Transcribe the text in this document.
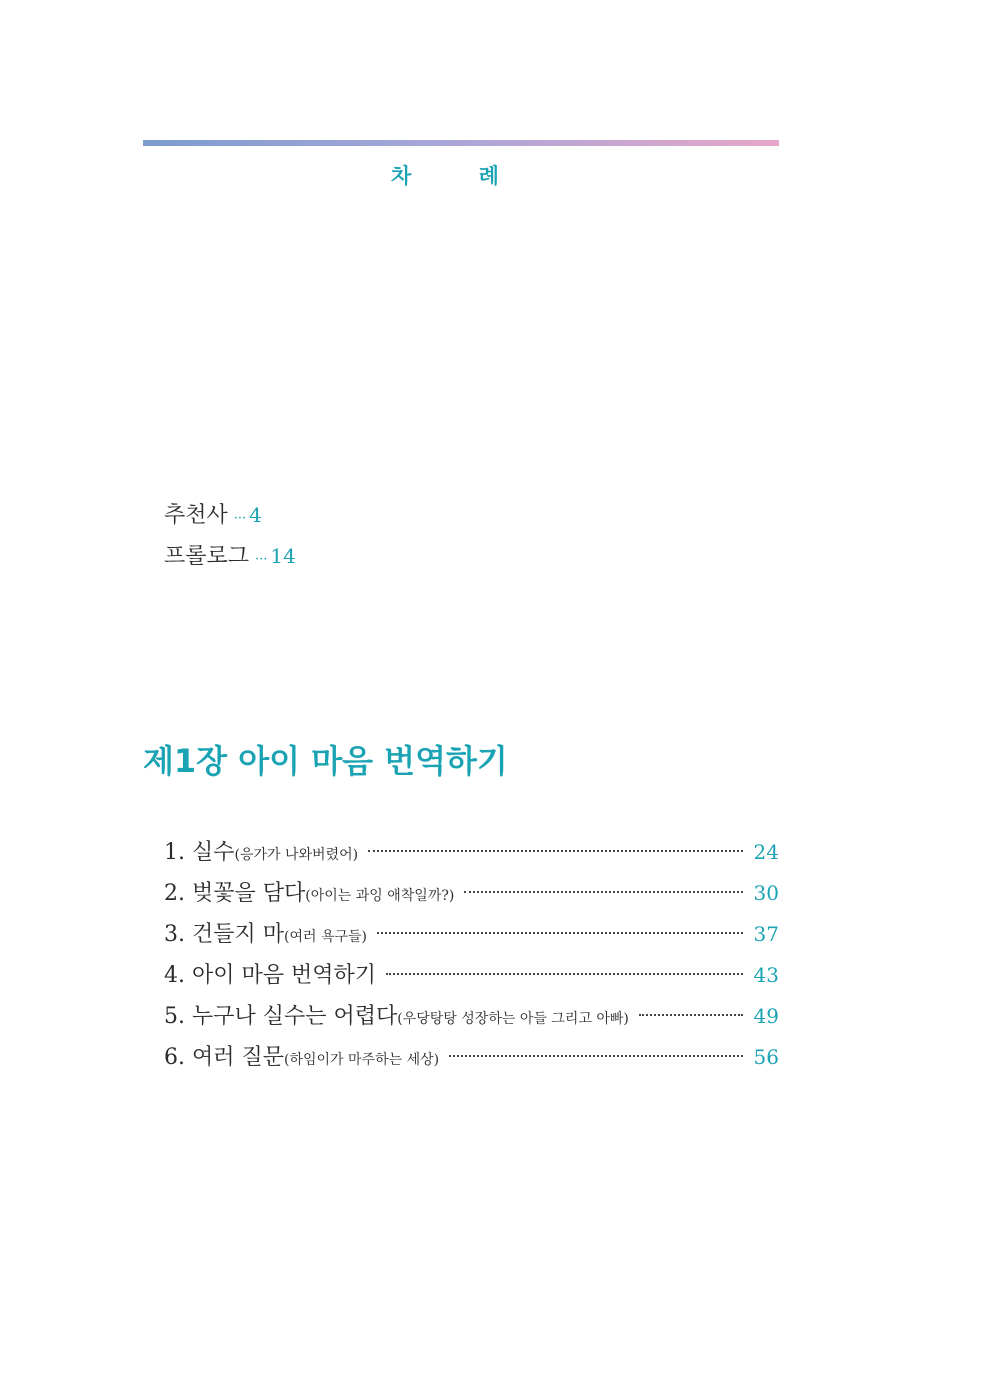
차 례
추천사 ··· 4
프롤로그 ··· 14
제1장 아이 마음 번역하기
1. 실수 (응가가 나와버렸어)	24
2. 벚꽃을 담다 (아이는 과잉 애착일까?)	30
3. 건들지 마 (여러 욕구들)	37
4. 아이 마음 번역하기	43
5. 누구나 실수는 어렵다 (우당탕탕 성장하는 아들 그리고 아빠)	49
6. 여러 질문 (하임이가 마주하는 세상)	56
